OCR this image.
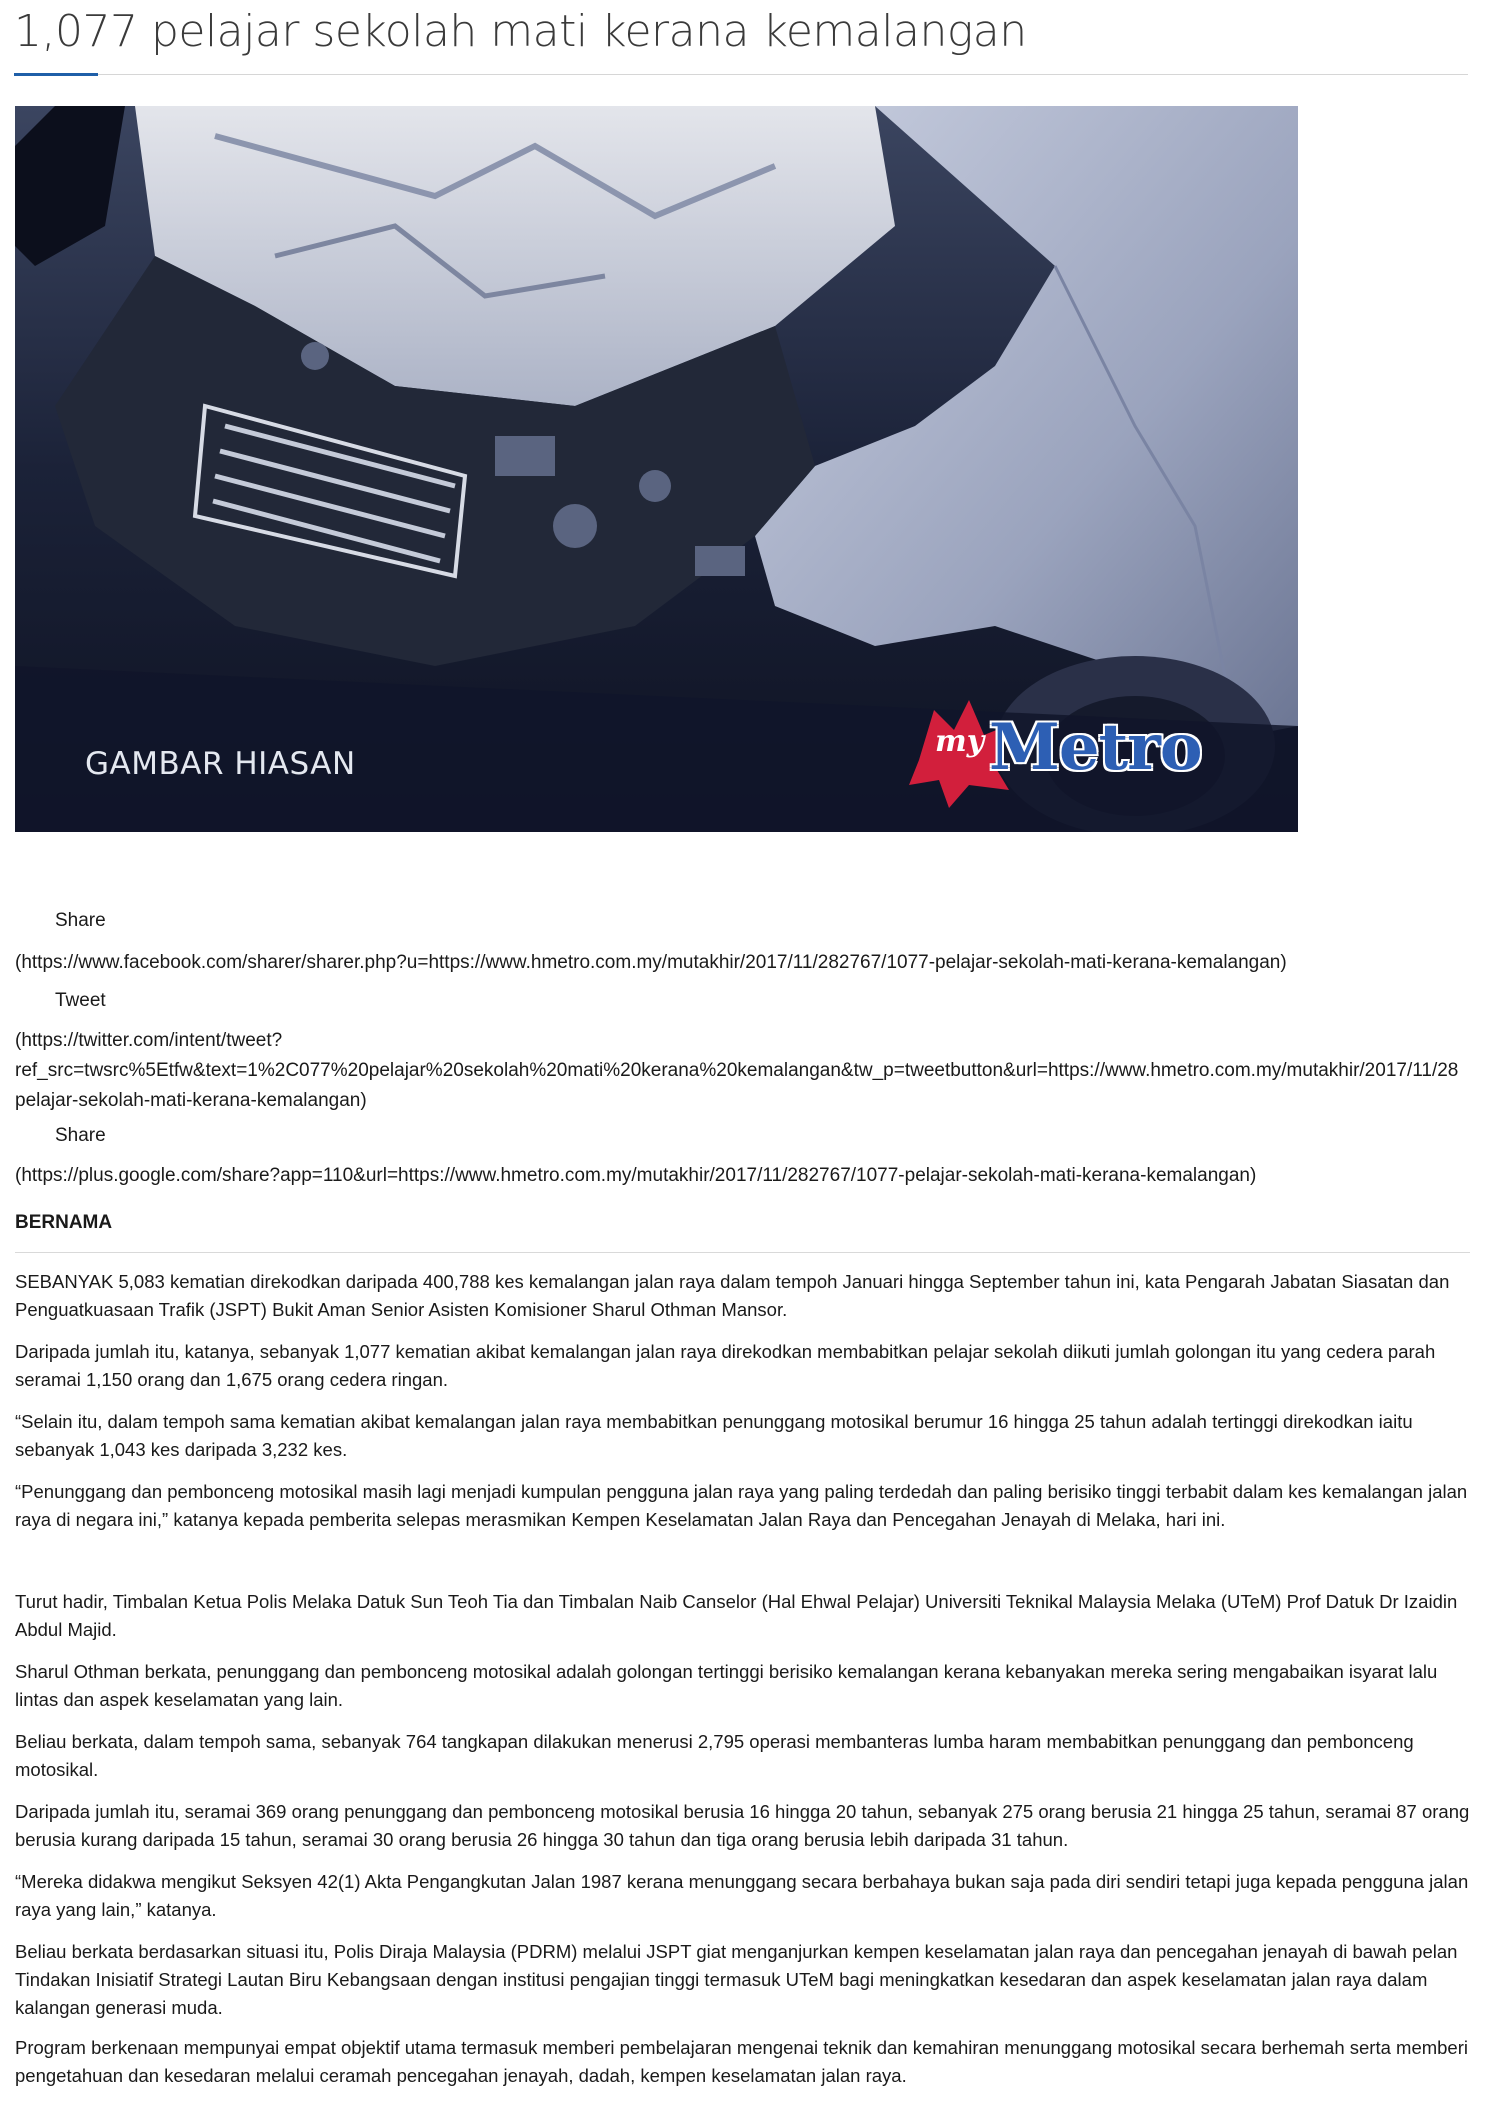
1,077 pelajar sekolah mati kerana kemalangan
GAMBAR HIASAN
my Metro
Share
(https://www.facebook.com/sharer/sharer.php?u=https://www.hmetro.com.my/mutakhir/2017/11/282767/1077-pelajar-sekolah-mati-kerana-kemalangan)
Tweet
(https://twitter.com/intent/tweet?
ref_src=twsrc%5Etfw&text=1%2C077%20pelajar%20sekolah%20mati%20kerana%20kemalangan&tw_p=tweetbutton&url=https://www.hmetro.com.my/mutakhir/2017/11/28
pelajar-sekolah-mati-kerana-kemalangan)
Share
(https://plus.google.com/share?app=110&url=https://www.hmetro.com.my/mutakhir/2017/11/282767/1077-pelajar-sekolah-mati-kerana-kemalangan)
BERNAMA

SEBANYAK 5,083 kematian direkodkan daripada 400,788 kes kemalangan jalan raya dalam tempoh Januari hingga September tahun ini, kata Pengarah Jabatan Siasatan dan Penguatkuasaan Trafik (JSPT) Bukit Aman Senior Asisten Komisioner Sharul Othman Mansor.

Daripada jumlah itu, katanya, sebanyak 1,077 kematian akibat kemalangan jalan raya direkodkan membabitkan pelajar sekolah diikuti jumlah golongan itu yang cedera parah seramai 1,150 orang dan 1,675 orang cedera ringan.

“Selain itu, dalam tempoh sama kematian akibat kemalangan jalan raya membabitkan penunggang motosikal berumur 16 hingga 25 tahun adalah tertinggi direkodkan iaitu sebanyak 1,043 kes daripada 3,232 kes.

“Penunggang dan pembonceng motosikal masih lagi menjadi kumpulan pengguna jalan raya yang paling terdedah dan paling berisiko tinggi terbabit dalam kes kemalangan jalan raya di negara ini,” katanya kepada pemberita selepas merasmikan Kempen Keselamatan Jalan Raya dan Pencegahan Jenayah di Melaka, hari ini.

Turut hadir, Timbalan Ketua Polis Melaka Datuk Sun Teoh Tia dan Timbalan Naib Canselor (Hal Ehwal Pelajar) Universiti Teknikal Malaysia Melaka (UTeM) Prof Datuk Dr Izaidin Abdul Majid.

Sharul Othman berkata, penunggang dan pembonceng motosikal adalah golongan tertinggi berisiko kemalangan kerana kebanyakan mereka sering mengabaikan isyarat lalu lintas dan aspek keselamatan yang lain.

Beliau berkata, dalam tempoh sama, sebanyak 764 tangkapan dilakukan menerusi 2,795 operasi membanteras lumba haram membabitkan penunggang dan pembonceng motosikal.

Daripada jumlah itu, seramai 369 orang penunggang dan pembonceng motosikal berusia 16 hingga 20 tahun, sebanyak 275 orang berusia 21 hingga 25 tahun, seramai 87 orang berusia kurang daripada 15 tahun, seramai 30 orang berusia 26 hingga 30 tahun dan tiga orang berusia lebih daripada 31 tahun.

“Mereka didakwa mengikut Seksyen 42(1) Akta Pengangkutan Jalan 1987 kerana menunggang secara berbahaya bukan saja pada diri sendiri tetapi juga kepada pengguna jalan raya yang lain,” katanya.

Beliau berkata berdasarkan situasi itu, Polis Diraja Malaysia (PDRM) melalui JSPT giat menganjurkan kempen keselamatan jalan raya dan pencegahan jenayah di bawah pelan Tindakan Inisiatif Strategi Lautan Biru Kebangsaan dengan institusi pengajian tinggi termasuk UTeM bagi meningkatkan kesedaran dan aspek keselamatan jalan raya dalam kalangan generasi muda.

Program berkenaan mempunyai empat objektif utama termasuk memberi pembelajaran mengenai teknik dan kemahiran menunggang motosikal secara berhemah serta memberi pengetahuan dan kesedaran melalui ceramah pencegahan jenayah, dadah, kempen keselamatan jalan raya.
